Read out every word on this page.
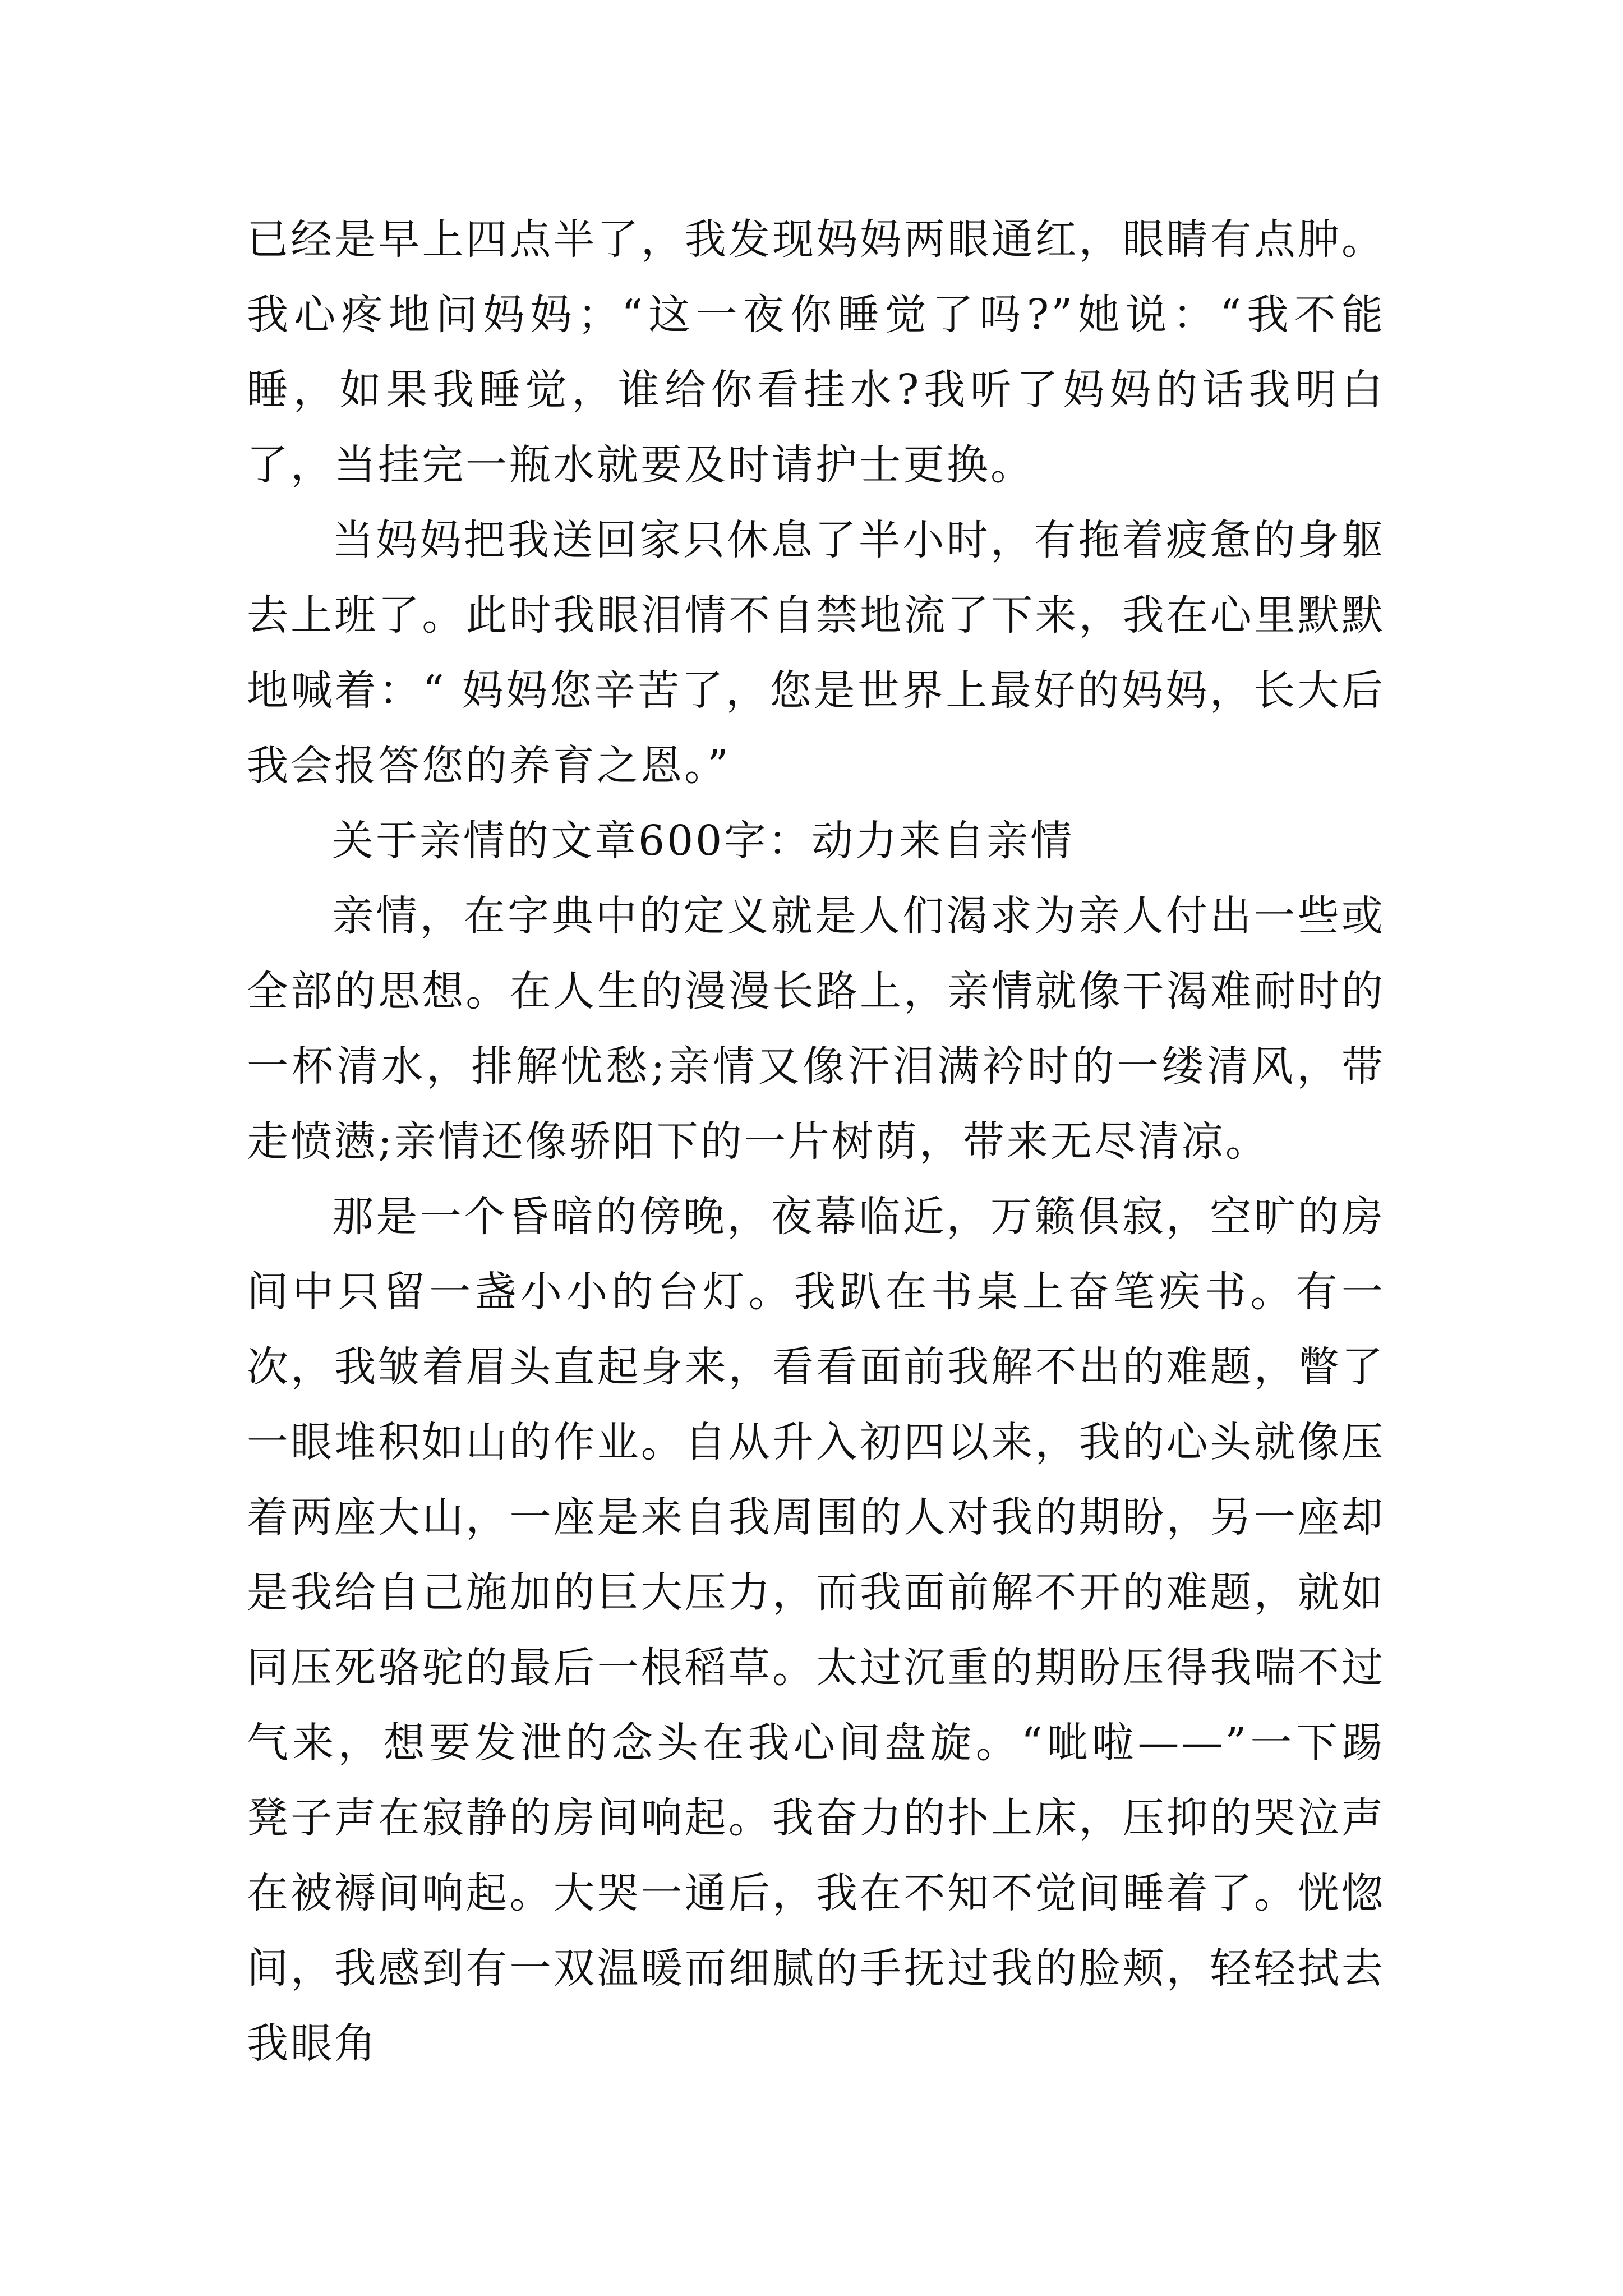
已经是早上四点半了，我发现妈妈两眼通红，眼睛有点肿。我心疼地问妈妈；“这一夜你睡觉了吗?”她说：“我不能睡，如果我睡觉，谁给你看挂水?我听了妈妈的话我明白了，当挂完一瓶水就要及时请护士更换。

当妈妈把我送回家只休息了半小时，有拖着疲惫的身躯去上班了。此时我眼泪情不自禁地流了下来，我在心里默默地喊着：“ 妈妈您辛苦了，您是世界上最好的妈妈，长大后我会报答您的养育之恩。”

关于亲情的文章600字：动力来自亲情

亲情，在字典中的定义就是人们渴求为亲人付出一些或全部的思想。在人生的漫漫长路上，亲情就像干渴难耐时的一杯清水，排解忧愁;亲情又像汗泪满衿时的一缕清风，带走愤懑;亲情还像骄阳下的一片树荫，带来无尽清凉。

那是一个昏暗的傍晚，夜幕临近，万籁俱寂，空旷的房间中只留一盏小小的台灯。我趴在书桌上奋笔疾书。有一次，我皱着眉头直起身来，看看面前我解不出的难题，瞥了一眼堆积如山的作业。自从升入初四以来，我的心头就像压着两座大山，一座是来自我周围的人对我的期盼，另一座却是我给自己施加的巨大压力，而我面前解不开的难题，就如同压死骆驼的最后一根稻草。太过沉重的期盼压得我喘不过气来，想要发泄的念头在我心间盘旋。“呲啦——”一下踢凳子声在寂静的房间响起。我奋力的扑上床，压抑的哭泣声在被褥间响起。大哭一通后，我在不知不觉间睡着了。恍惚间，我感到有一双温暖而细腻的手抚过我的脸颊，轻轻拭去我眼角
